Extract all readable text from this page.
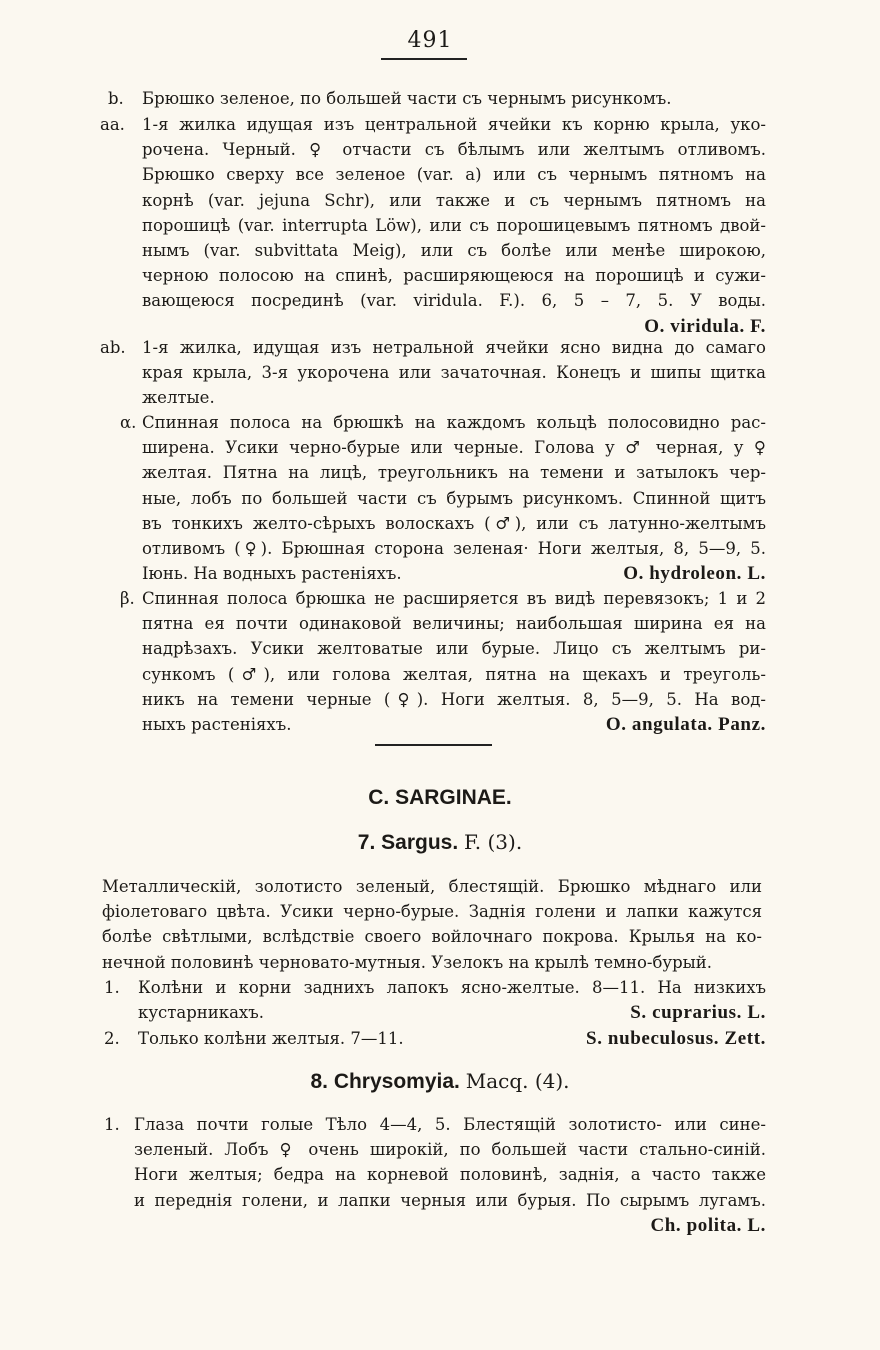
491
b. Брюшко зеленое, по большей части съ чернымъ рисункомъ.

aa. 1-я жилка идущая изъ центральной ячейки къ корню крыла, уко-

рочена. Черный. ♀ отчасти съ бѣлымъ или желтымъ отливомъ.

Брюшко сверху все зеленое (var. a) или съ чернымъ пятномъ на

корнѣ (var. jejuna Schr), или также и съ чернымъ пятномъ на

порошицѣ (var. interrupta Löw), или съ порошицевымъ пятномъ двой-

нымъ (var. subvittata Meig), или съ болѣе или менѣе широкою,

черною полосою на спинѣ, расширяющеюся на порошицѣ и сужи-

вающеюся посрединѣ (var. viridula. F.). 6, 5 – 7, 5. У воды.

O. viridula. F.
ab. 1-я жилка, идущая изъ нетральной ячейки ясно видна до самаго

края крыла, 3-я укорочена или зачаточная. Конецъ и шипы щитка

желтые.

α. Спинная полоса на брюшкѣ на каждомъ кольцѣ полосовидно рас-

ширена. Усики черно-бурые или черные. Голова у ♂ черная, у ♀

желтая. Пятна на лицѣ, треугольникъ на темени и затылокъ чер-

ные, лобъ по большей части съ бурымъ рисункомъ. Спинной щитъ

въ тонкихъ желто-сѣрыхъ волоскахъ (♂), или съ латунно-желтымъ

отливомъ (♀). Брюшная сторона зеленая· Ноги желтыя, 8, 5—9, 5.

Іюнь. На водныхъ растеніяхъ.	O. hydroleon. L.
β. Спинная полоса брюшка не расширяется въ видѣ перевязокъ; 1 и 2

пятна ея почти одинаковой величины; наибольшая ширина ея на

надрѣзахъ. Усики желтоватые или бурые. Лицо съ желтымъ ри-

сункомъ (♂), или голова желтая, пятна на щекахъ и треуголь-

никъ на темени черные (♀). Ноги желтыя. 8, 5—9, 5. На вод-

ныхъ растеніяхъ.	O. angulata. Panz.
C. SARGINAE.
7. Sargus. F. (3).

Металлическій, золотисто зеленый, блестящій. Брюшко мѣднаго или

фіолетоваго цвѣта. Усики черно-бурые. Заднія голени и лапки кажутся

болѣе свѣтлыми, вслѣдствіе своего войлочнаго покрова. Крылья на ко-

нечной половинѣ черновато-мутныя. Узелокъ на крылѣ темно-бурый.

1. Колѣни и корни заднихъ лапокъ ясно-желтые. 8—11. На низкихъ

кустарникахъ.	S. cuprarius. L.
2. Только колѣни желтыя. 7—11.	S. nubeculosus. Zett.
8. Chrysomyia. Macq. (4).
1. Глаза почти голые Тѣло 4—4, 5. Блестящій золотисто- или сине-

зеленый. Лобъ ♀ очень широкій, по большей части стально-синій.

Ноги желтыя; бедра на корневой половинѣ, заднія, а часто также

и переднія голени, и лапки черныя или бурыя. По сырымъ лугамъ.

Ch. polita. L.
